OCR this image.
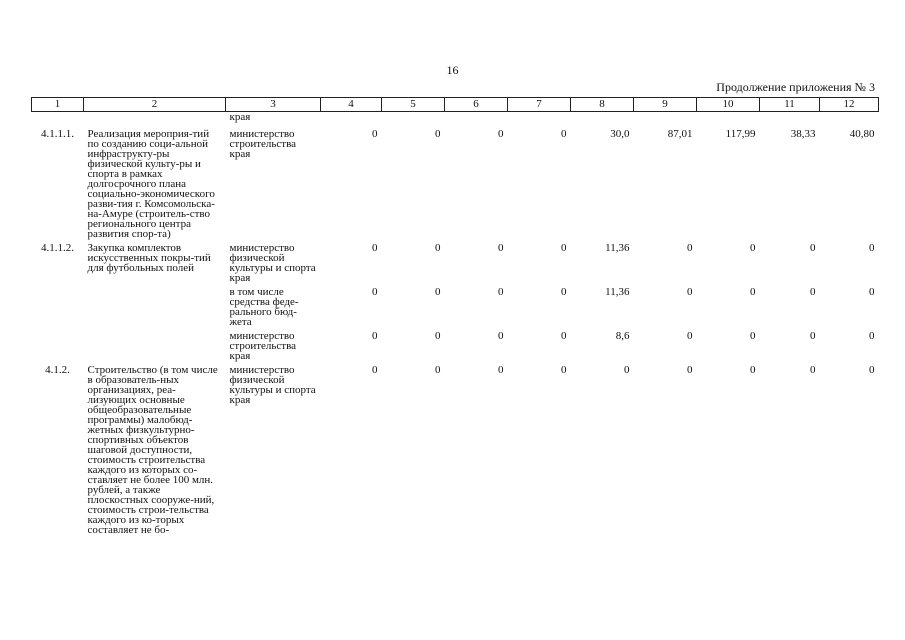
16
Продолжение приложения № 3
1	2	3	4	5	6	7	8	9	10	11	12
		края									
4.1.1.1.	Реализация мероприя-тий по созданию соци-альной инфраструкту-ры физической культу-ры и спорта в рамках долгосрочного плана социально-экономического разви-тия г. Комсомольска-на-Амуре (строитель-ство регионального центра развития спор-та)	министерство строительства края	0	0	0	0	30,0	87,01	117,99	38,33	40,80
4.1.1.2.	Закупка комплектов искусственных покры-тий для футбольных полей	министерство физической культуры и спорта края	0	0	0	0	11,36	0	0	0	0
		в том числе средства феде-рального бюд-жета	0	0	0	0	11,36	0	0	0	0
		министерство строительства края	0	0	0	0	8,6	0	0	0	0
4.1.2.	Строительство (в том числе в образователь-ных организациях, реа-лизующих основные общеобразовательные программы) малобюд-жетных физкультурно-спортивных объектов шаговой доступности, стоимость строительства каждого из которых со-ставляет не более 100 млн. рублей, а также плоскостных сооруже-ний, стоимость строи-тельства каждого из ко-торых составляет не бо-	министерство физической культуры и спорта края	0	0	0	0	0	0	0	0	0
